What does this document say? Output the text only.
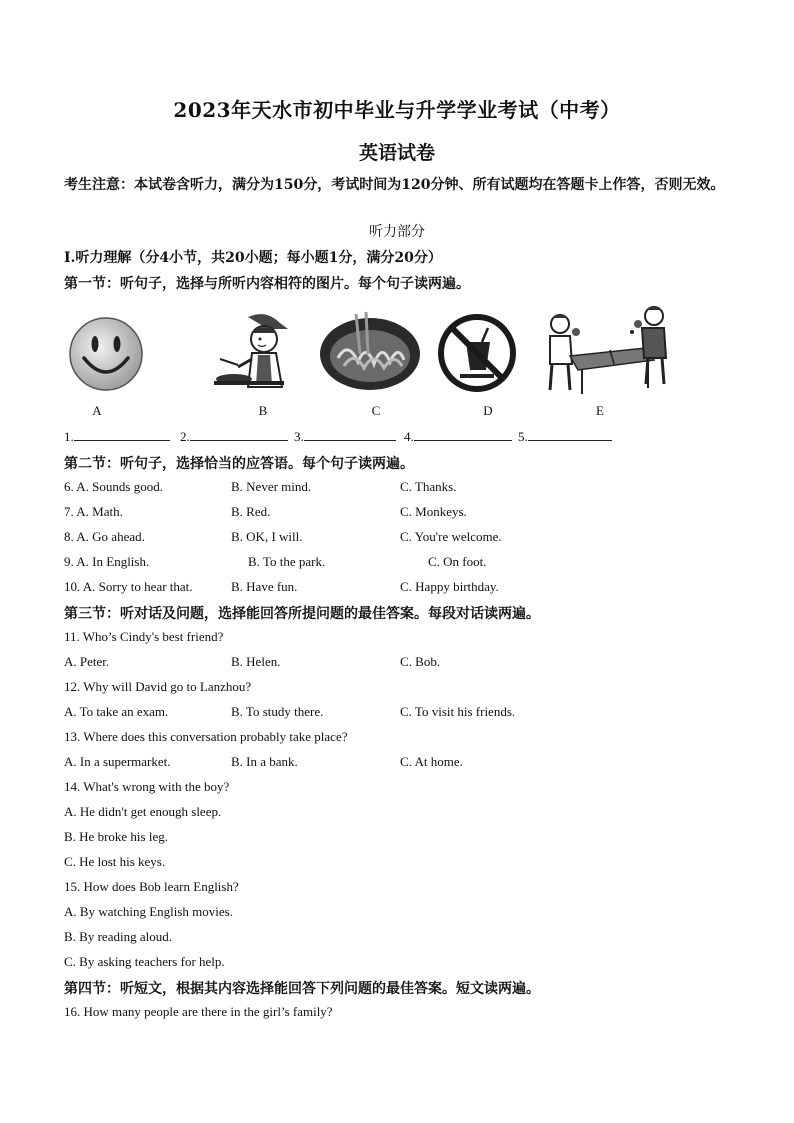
2023年天水市初中毕业与升学学业考试（中考）
英语试卷
考生注意：本试卷含听力，满分为150分，考试时间为120分钟、所有试题均在答题卡上作答，否则无效。
听力部分
Ⅰ.听力理解（分4小节，共20小题；每小题1分，满分20分）
第一节：听句子，选择与所听内容相符的图片。每个句子读两遍。
A	B	C	D	E
1.	2.	3.	4.	5.
第二节：听句子，选择恰当的应答语。每个句子读两遍。
6. A. Sounds good.	B. Never mind.	C. Thanks.
7. A. Math.	B. Red.	C. Monkeys.
8. A. Go ahead.	B. OK, I will.	C. You're welcome.
9. A. In English.	B. To the park.	C. On foot.
10. A. Sorry to hear that.	B. Have fun.	C. Happy birthday.
第三节：听对话及问题，选择能回答所提问题的最佳答案。每段对话读两遍。
11. Who’s Cindy's best friend?
A. Peter.	B. Helen.	C. Bob.
12. Why will David go to Lanzhou?
A. To take an exam.	B. To study there.	C. To visit his friends.
13. Where does this conversation probably take place?
A. In a supermarket.	B. In a bank.	C. At home.
14. What's wrong with the boy?
A. He didn't get enough sleep.
B. He broke his leg.
C. He lost his keys.
15. How does Bob learn English?
A. By watching English movies.
B. By reading aloud.
C. By asking teachers for help.
第四节：听短文，根据其内容选择能回答下列问题的最佳答案。短文读两遍。
16. How many people are there in the girl’s family?
